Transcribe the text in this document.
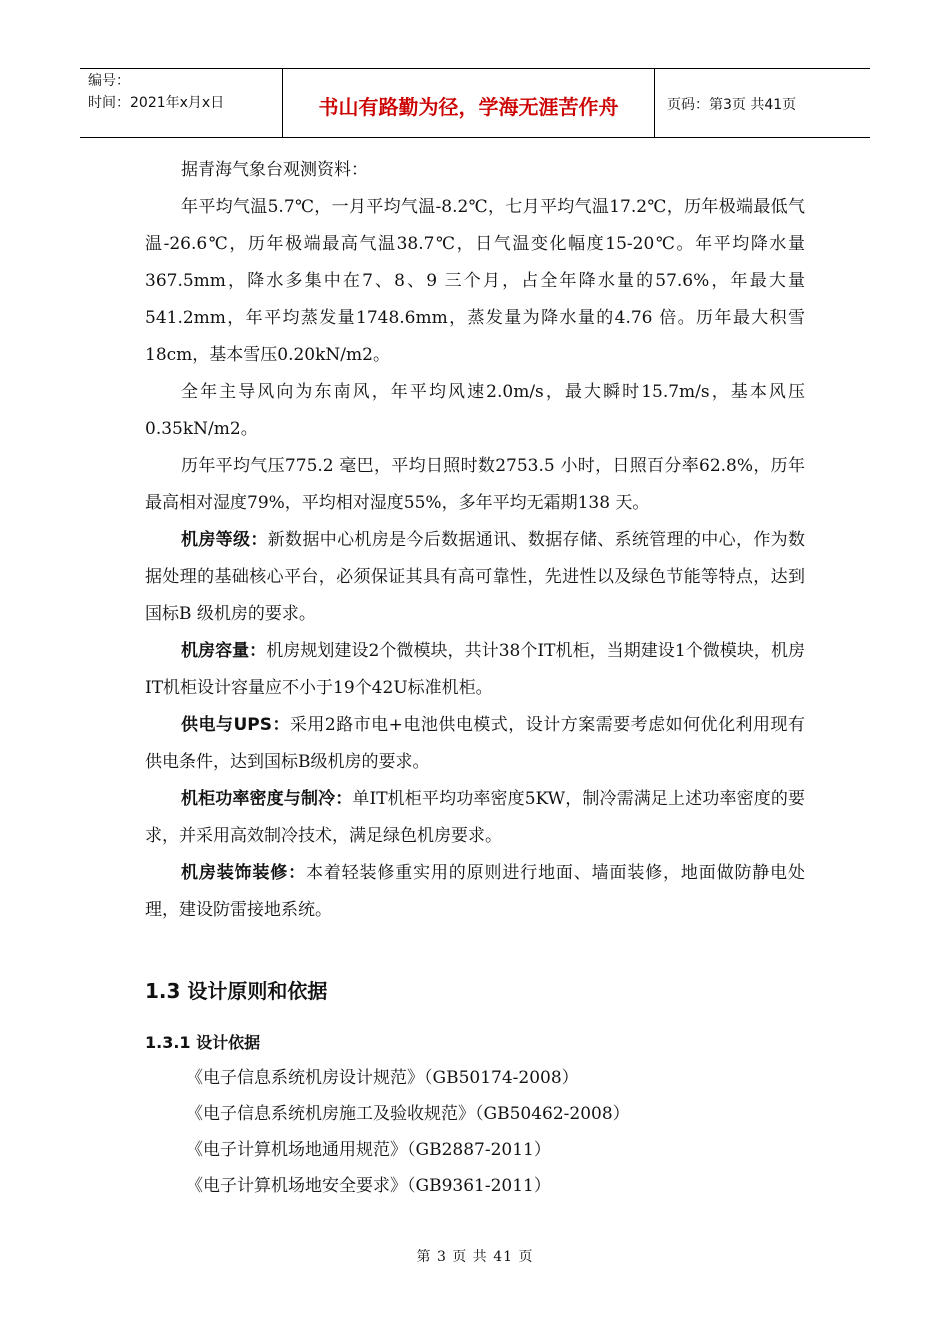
编号：
时间：2021年x月x日	书山有路勤为径，学海无涯苦作舟	页码：第3页 共41页

据青海气象台观测资料：

年平均气温5.7℃，一月平均气温-8.2℃，七月平均气温17.2℃，历年极端最低气温-26.6℃，历年极端最高气温38.7℃，日气温变化幅度15-20℃。年平均降水量367.5mm，降水多集中在7、8、9 三个月，占全年降水量的57.6%，年最大量541.2mm，年平均蒸发量1748.6mm，蒸发量为降水量的4.76 倍。历年最大积雪18cm，基本雪压0.20kN/m2。

全年主导风向为东南风，年平均风速2.0m/s，最大瞬时15.7m/s，基本风压0.35kN/m2。

历年平均气压775.2 毫巴，平均日照时数2753.5 小时，日照百分率62.8%，历年最高相对湿度79%，平均相对湿度55%，多年平均无霜期138 天。

机房等级：新数据中心机房是今后数据通讯、数据存储、系统管理的中心，作为数据处理的基础核心平台，必须保证其具有高可靠性，先进性以及绿色节能等特点，达到国标B 级机房的要求。

机房容量：机房规划建设2个微模块，共计38个IT机柜，当期建设1个微模块，机房IT机柜设计容量应不小于19个42U标准机柜。

供电与UPS：采用2路市电+电池供电模式，设计方案需要考虑如何优化利用现有供电条件，达到国标B级机房的要求。

机柜功率密度与制冷：单IT机柜平均功率密度5KW，制冷需满足上述功率密度的要求，并采用高效制冷技术，满足绿色机房要求。

机房装饰装修：本着轻装修重实用的原则进行地面、墙面装修，地面做防静电处理，建设防雷接地系统。

1.3 设计原则和依据
1.3.1 设计依据

《电子信息系统机房设计规范》（GB50174-2008）

《电子信息系统机房施工及验收规范》（GB50462-2008）

《电子计算机场地通用规范》（GB2887-2011）

《电子计算机场地安全要求》（GB9361-2011）

第 3 页 共 41 页
